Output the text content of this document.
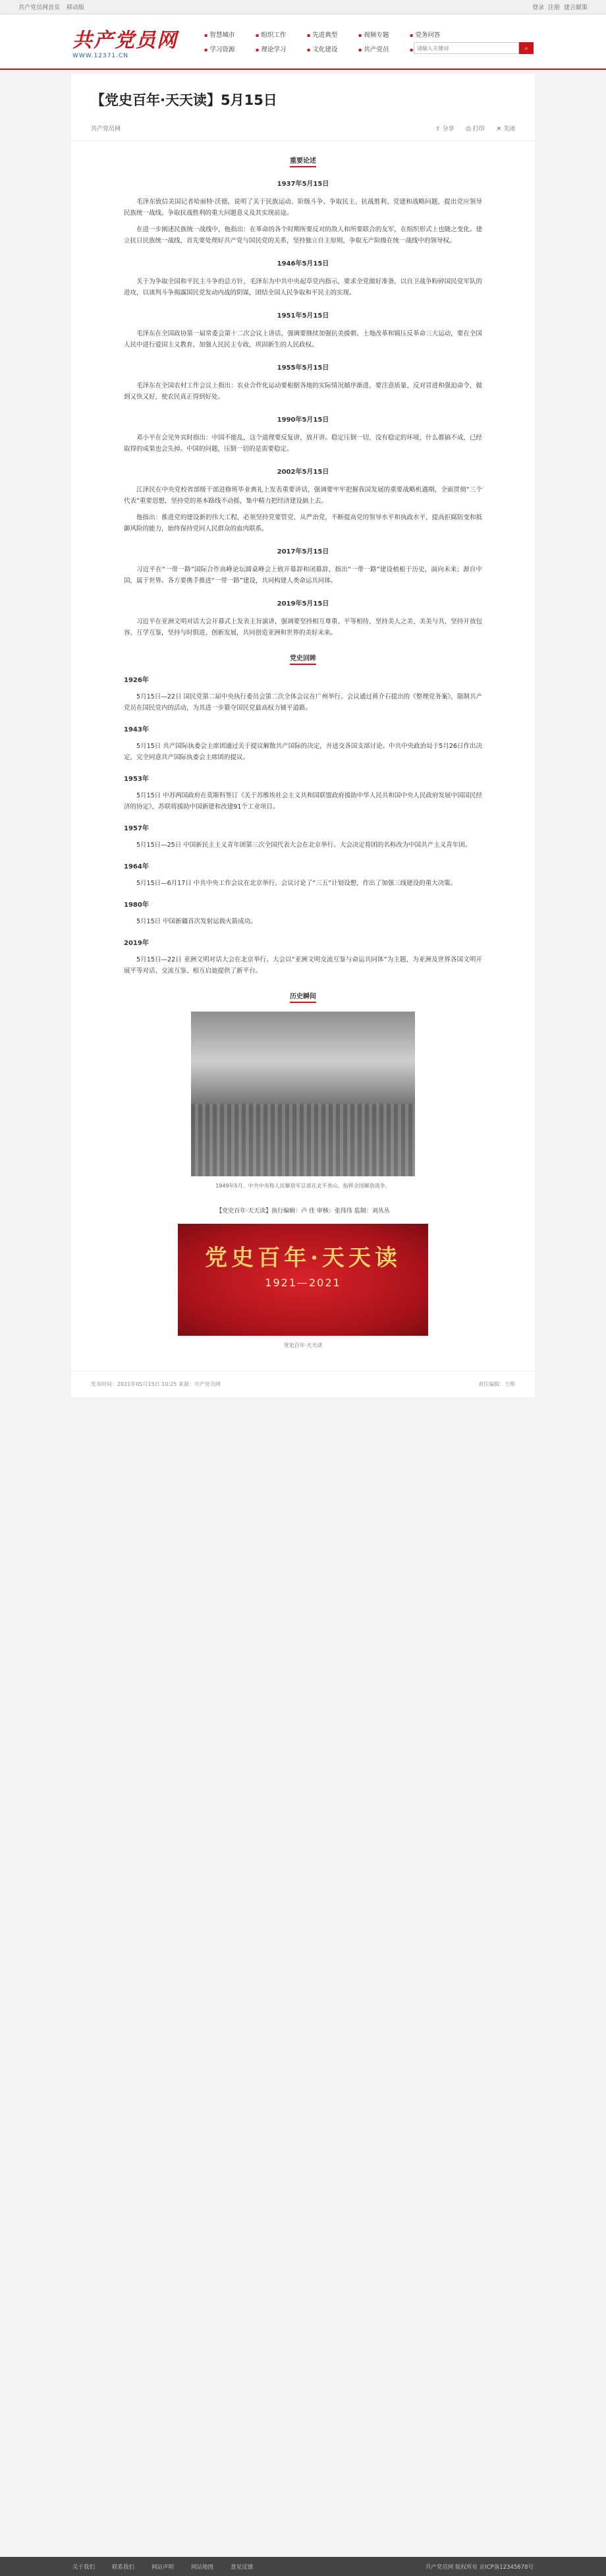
共产党员网首页 移动版	登录 注册 建言献策
共产党员网
WWW.12371.CN
▪ 智慧城市	▪ 组织工作	▪ 先进典型	▪ 视频专题	▪ 党务问答
▪ 学习资源	▪ 理论学习	▪ 文化建设	▪ 共产党员 ▪
请输入关键词	⌕
【党史百年·天天读】5月15日
共产党员网	⇪ 分享 ⎙ 打印 ✕ 关闭
重要论述
1937年5月15日

毛泽东致信美国记者哈丽特·沃德，说明了关于民族运动、阶级斗争、争取民主、抗战胜利、党建和战略问题，提出党应领导民族统一战线、争取抗战胜利的重大问题意义及其实现前途。

在进一步阐述民族统一战线中，他指出：在革命的各个时期所要反对的敌人和所要联合的友军，在组织形式上也随之变化。建立抗日民族统一战线，首先要处理好共产党与国民党的关系，坚持独立自主原则，争取无产阶级在统一战线中的领导权。

1946年5月15日

关于为争取全国和平民主斗争的总方针，毛泽东为中共中央起草党内指示，要求全党做好准备，以自卫战争粉碎国民党军队的进攻，以谈判斗争揭露国民党发动内战的阴谋，团结全国人民争取和平民主的实现。

1951年5月15日

毛泽东在全国政协第一届常委会第十二次会议上讲话，强调要继续加强抗美援朝、土地改革和镇压反革命三大运动，要在全国人民中进行爱国主义教育，加强人民民主专政，巩固新生的人民政权。

1955年5月15日

毛泽东在全国农村工作会议上指出：农业合作化运动要根据各地的实际情况循序渐进，要注意质量，反对冒进和强迫命令，做到又快又好，使农民真正得到好处。

1990年5月15日

邓小平在会见外宾时指出：中国不能乱，这个道理要反复讲，放开讲。稳定压倒一切，没有稳定的环境，什么都搞不成，已经取得的成果也会失掉。中国的问题，压倒一切的是需要稳定。

2002年5月15日

江泽民在中央党校省部级干部进修班毕业典礼上发表重要讲话，强调要牢牢把握我国发展的重要战略机遇期，全面贯彻“三个代表”重要思想，坚持党的基本路线不动摇，集中精力把经济建设搞上去。

他指出：推进党的建设新的伟大工程，必须坚持党要管党、从严治党，不断提高党的领导水平和执政水平，提高拒腐防变和抵御风险的能力，始终保持党同人民群众的血肉联系。

2017年5月15日

习近平在“一带一路”国际合作高峰论坛圆桌峰会上致开幕辞和闭幕辞，指出“一带一路”建设植根于历史，面向未来；源自中国，属于世界。各方要携手推进“一带一路”建设，共同构建人类命运共同体。

2019年5月15日

习近平在亚洲文明对话大会开幕式上发表主旨演讲，强调要坚持相互尊重、平等相待，坚持美人之美、美美与共，坚持开放包容、互学互鉴，坚持与时俱进、创新发展，共同创造亚洲和世界的美好未来。

党史回眸
1926年

5月15日—22日 国民党第二届中央执行委员会第二次全体会议在广州举行。会议通过蒋介石提出的《整理党务案》，限制共产党员在国民党内的活动，为其进一步篡夺国民党最高权力铺平道路。

1943年

5月15日 共产国际执委会主席团通过关于提议解散共产国际的决定，并送交各国支部讨论。中共中央政治局于5月26日作出决定，完全同意共产国际执委会主席团的提议。

1953年

5月15日 中苏两国政府在莫斯科签订《关于苏维埃社会主义共和国联盟政府援助中华人民共和国中央人民政府发展中国国民经济的协定》，苏联将援助中国新建和改建91个工业项目。

1957年

5月15日—25日 中国新民主主义青年团第三次全国代表大会在北京举行。大会决定将团的名称改为中国共产主义青年团。

1964年

5月15日—6月17日 中共中央工作会议在北京举行。会议讨论了“三五”计划设想，作出了加强三线建设的重大决策。

1980年

5月15日 中国新疆首次发射运载火箭成功。

2019年

5月15日—22日 亚洲文明对话大会在北京举行。大会以“亚洲文明交流互鉴与命运共同体”为主题，为亚洲及世界各国文明开展平等对话、交流互鉴、相互启迪提供了新平台。

历史瞬间
1949年5月，中共中央和人民解放军总部在北平香山，指挥全国解放战争。
【党史百年·天天读】执行编辑：卢 佳 审核：张伟伟 监制：刘丛丛
党史百年·天天读
1921—2021
党史百年·天天读
发布时间：2021年05月15日 10:25 来源：共产党员网	责任编辑：王维
关于我们	联系我们	网站声明	网站地图	意见反馈	共产党员网 版权所有 京ICP备12345678号
